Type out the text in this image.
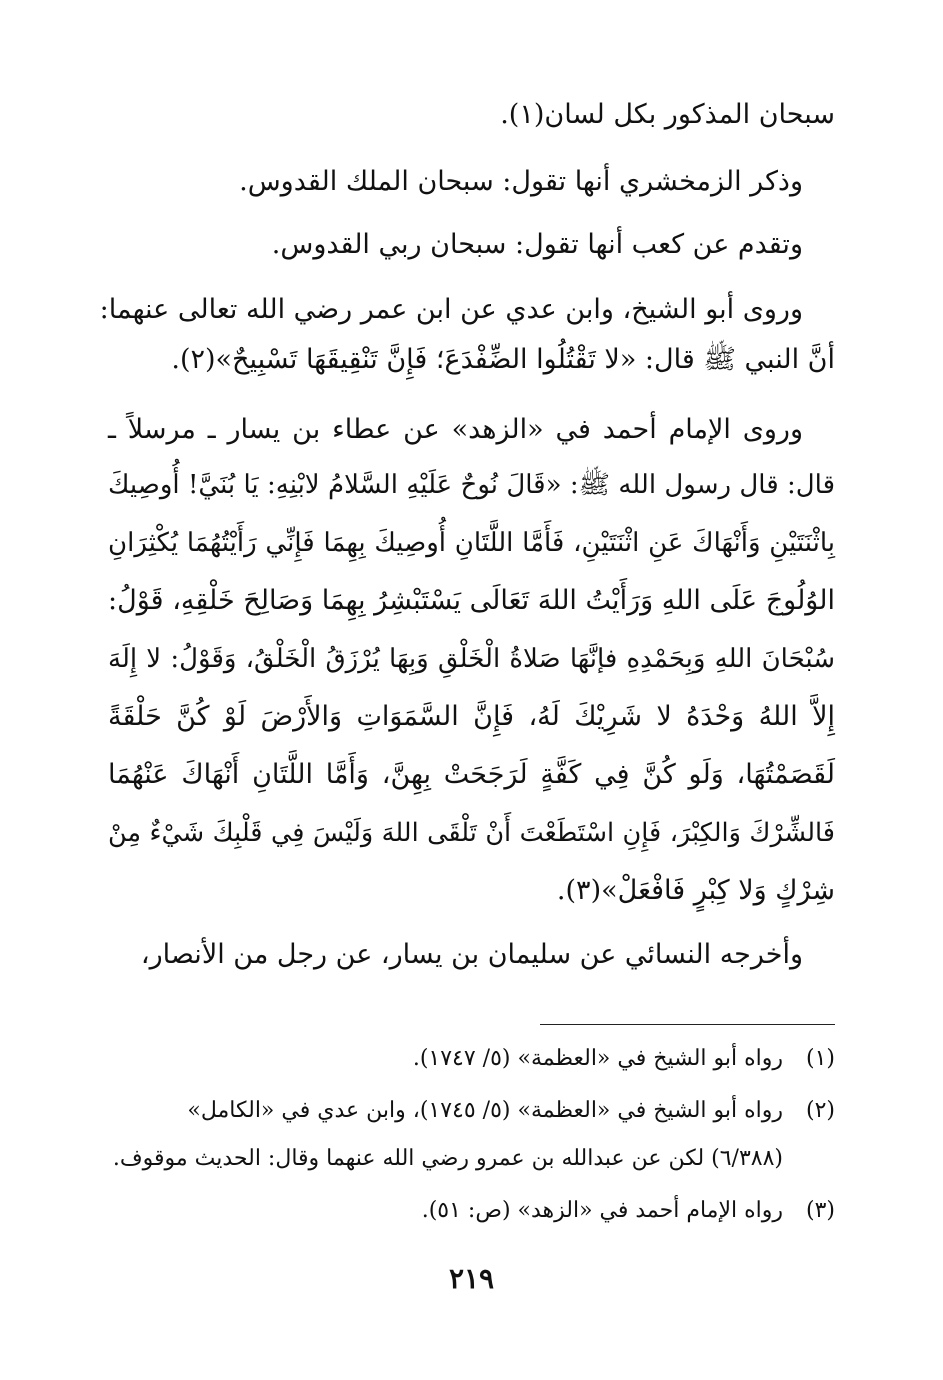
سبحان المذكور بكل لسان(١).
وذكر الزمخشري أنها تقول: سبحان الملك القدوس.
وتقدم عن كعب أنها تقول: سبحان ربي القدوس.
وروى أبو الشيخ، وابن عدي عن ابن عمر رضي الله تعالى عنهما:
أنَّ النبي ﷺ قال: «لا تَقْتُلُوا الضِّفْدَعَ؛ فَإِنَّ تَنْقِيقَهَا تَسْبِيحٌ»(٢).
وروى الإمام أحمد في «الزهد» عن عطاء بن يسار ـ مرسلاً ـ
قال: قال رسول الله ﷺ: «قَالَ نُوحٌ عَلَيْهِ السَّلامُ لابْنِهِ: يَا بُنَيَّ! أُوصِيكَ
بِاثْنَتَيْنِ وَأَنْهَاكَ عَنِ اثْنَتَيْنِ، فَأَمَّا اللَّتَانِ أُوصِيكَ بِهِمَا فَإِنِّي رَأَيْتُهُمَا يُكْثِرَانِ
الوُلُوجَ عَلَى اللهِ وَرَأَيْتُ اللهَ تَعَالَى يَسْتَبْشِرُ بِهِمَا وَصَالِحَ خَلْقِهِ، قَوْلُ:
سُبْحَانَ اللهِ وَبِحَمْدِهِ فإنَّهَا صَلاةُ الْخَلْقِ وَبِهَا يُرْزَقُ الْخَلْقُ، وَقَوْلُ: لا إِلَهَ
إِلاَّ اللهُ وَحْدَهُ لا شَرِيْكَ لَهُ، فَإِنَّ السَّمَوَاتِ وَالأَرْضَ لَوْ كُنَّ حَلْقَةً
لَقَصَمْتُهَا، وَلَو كُنَّ فِي كَفَّةٍ لَرَجَحَتْ بِهِنَّ، وَأَمَّا اللَّتَانِ أَنْهَاكَ عَنْهُمَا
فَالشِّرْكَ وَالكِبْرَ، فَإِنِ اسْتَطَعْتَ أَنْ تَلْقَى اللهَ وَلَيْسَ فِي قَلْبِكَ شَيْءٌ مِنْ
شِرْكٍ وَلا كِبْرٍ فَافْعَلْ»(٣).
وأخرجه النسائي عن سليمان بن يسار، عن رجل من الأنصار،
(١)رواه أبو الشيخ في «العظمة» (٥/ ١٧٤٧).
(٢)رواه أبو الشيخ في «العظمة» (٥/ ١٧٤٥)، وابن عدي في «الكامل»
(٦/٣٨٨) لكن عن عبدالله بن عمرو رضي الله عنهما وقال: الحديث موقوف.
(٣)رواه الإمام أحمد في «الزهد» (ص: ٥١).
٢١٩
